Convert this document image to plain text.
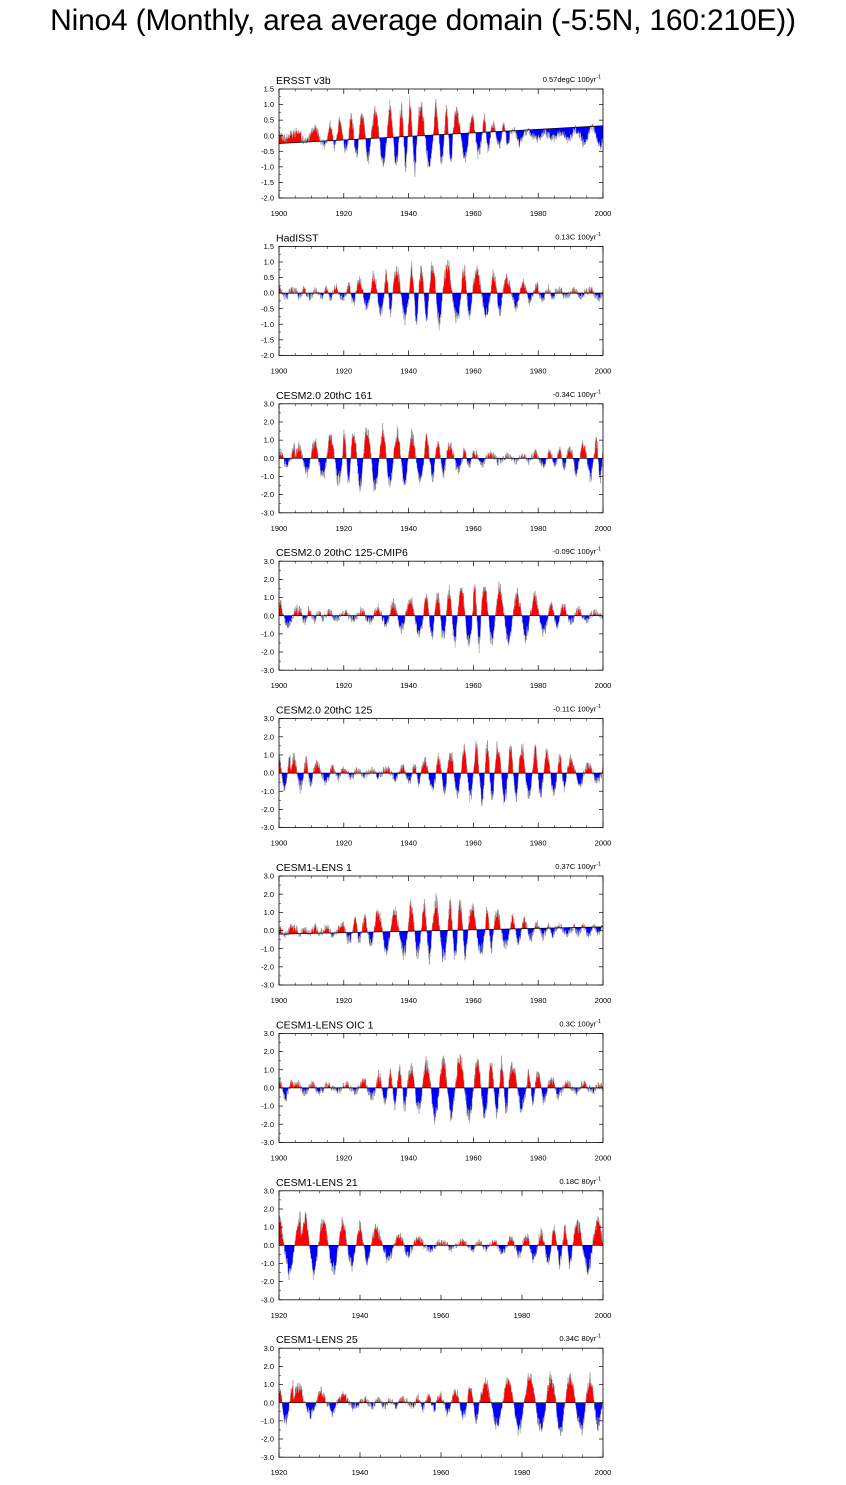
Nino4 (Monthly, area average domain (-5:5N, 160:210E))
1.5
1.0
0.5
0.0
-0.5
-1.0
-1.5
-2.0
1900	1920	1940	1960	1980	2000
ERSST v3b	0.57degC $100yr^{-1}$
1.5
1.0
0.5
0.0
-0.5
-1.0
-1.5
-2.0
1900	1920	1940	1960	1980	2000
HadISST	0.13C $100yr^{-1}$
3.0
2.0
1.0
0.0
-1.0
-2.0
-3.0
1900	1920	1940	1960	1980	2000
CESM2.0 20thC 161	-0.34C $100yr^{-1}$
3.0
2.0
1.0
0.0
-1.0
-2.0
-3.0
1900	1920	1940	1960	1980	2000
CESM2.0 20thC 125-CMIP6	-0.09C $100yr^{-1}$
3.0
2.0
1.0
0.0
-1.0
-2.0
-3.0
1900	1920	1940	1960	1980	2000
CESM2.0 20thC 125	-0.11C $100yr^{-1}$
3.0
2.0
1.0
0.0
-1.0
-2.0
-3.0
1900	1920	1940	1960	1980	2000
CESM1-LENS 1	0.37C $100yr^{-1}$
3.0
2.0
1.0
0.0
-1.0
-2.0
-3.0
1900	1920	1940	1960	1980	2000
CESM1-LENS OIC 1	0.3C $100yr^{-1}$
3.0
2.0
1.0
0.0
-1.0
-2.0
-3.0
1920	1940	1960	1980	2000
CESM1-LENS 21	0.18C $80yr^{-1}$
3.0
2.0
1.0
0.0
-1.0
-2.0
-3.0
1920	1940	1960	1980	2000
CESM1-LENS 25	0.34C $80yr^{-1}$
